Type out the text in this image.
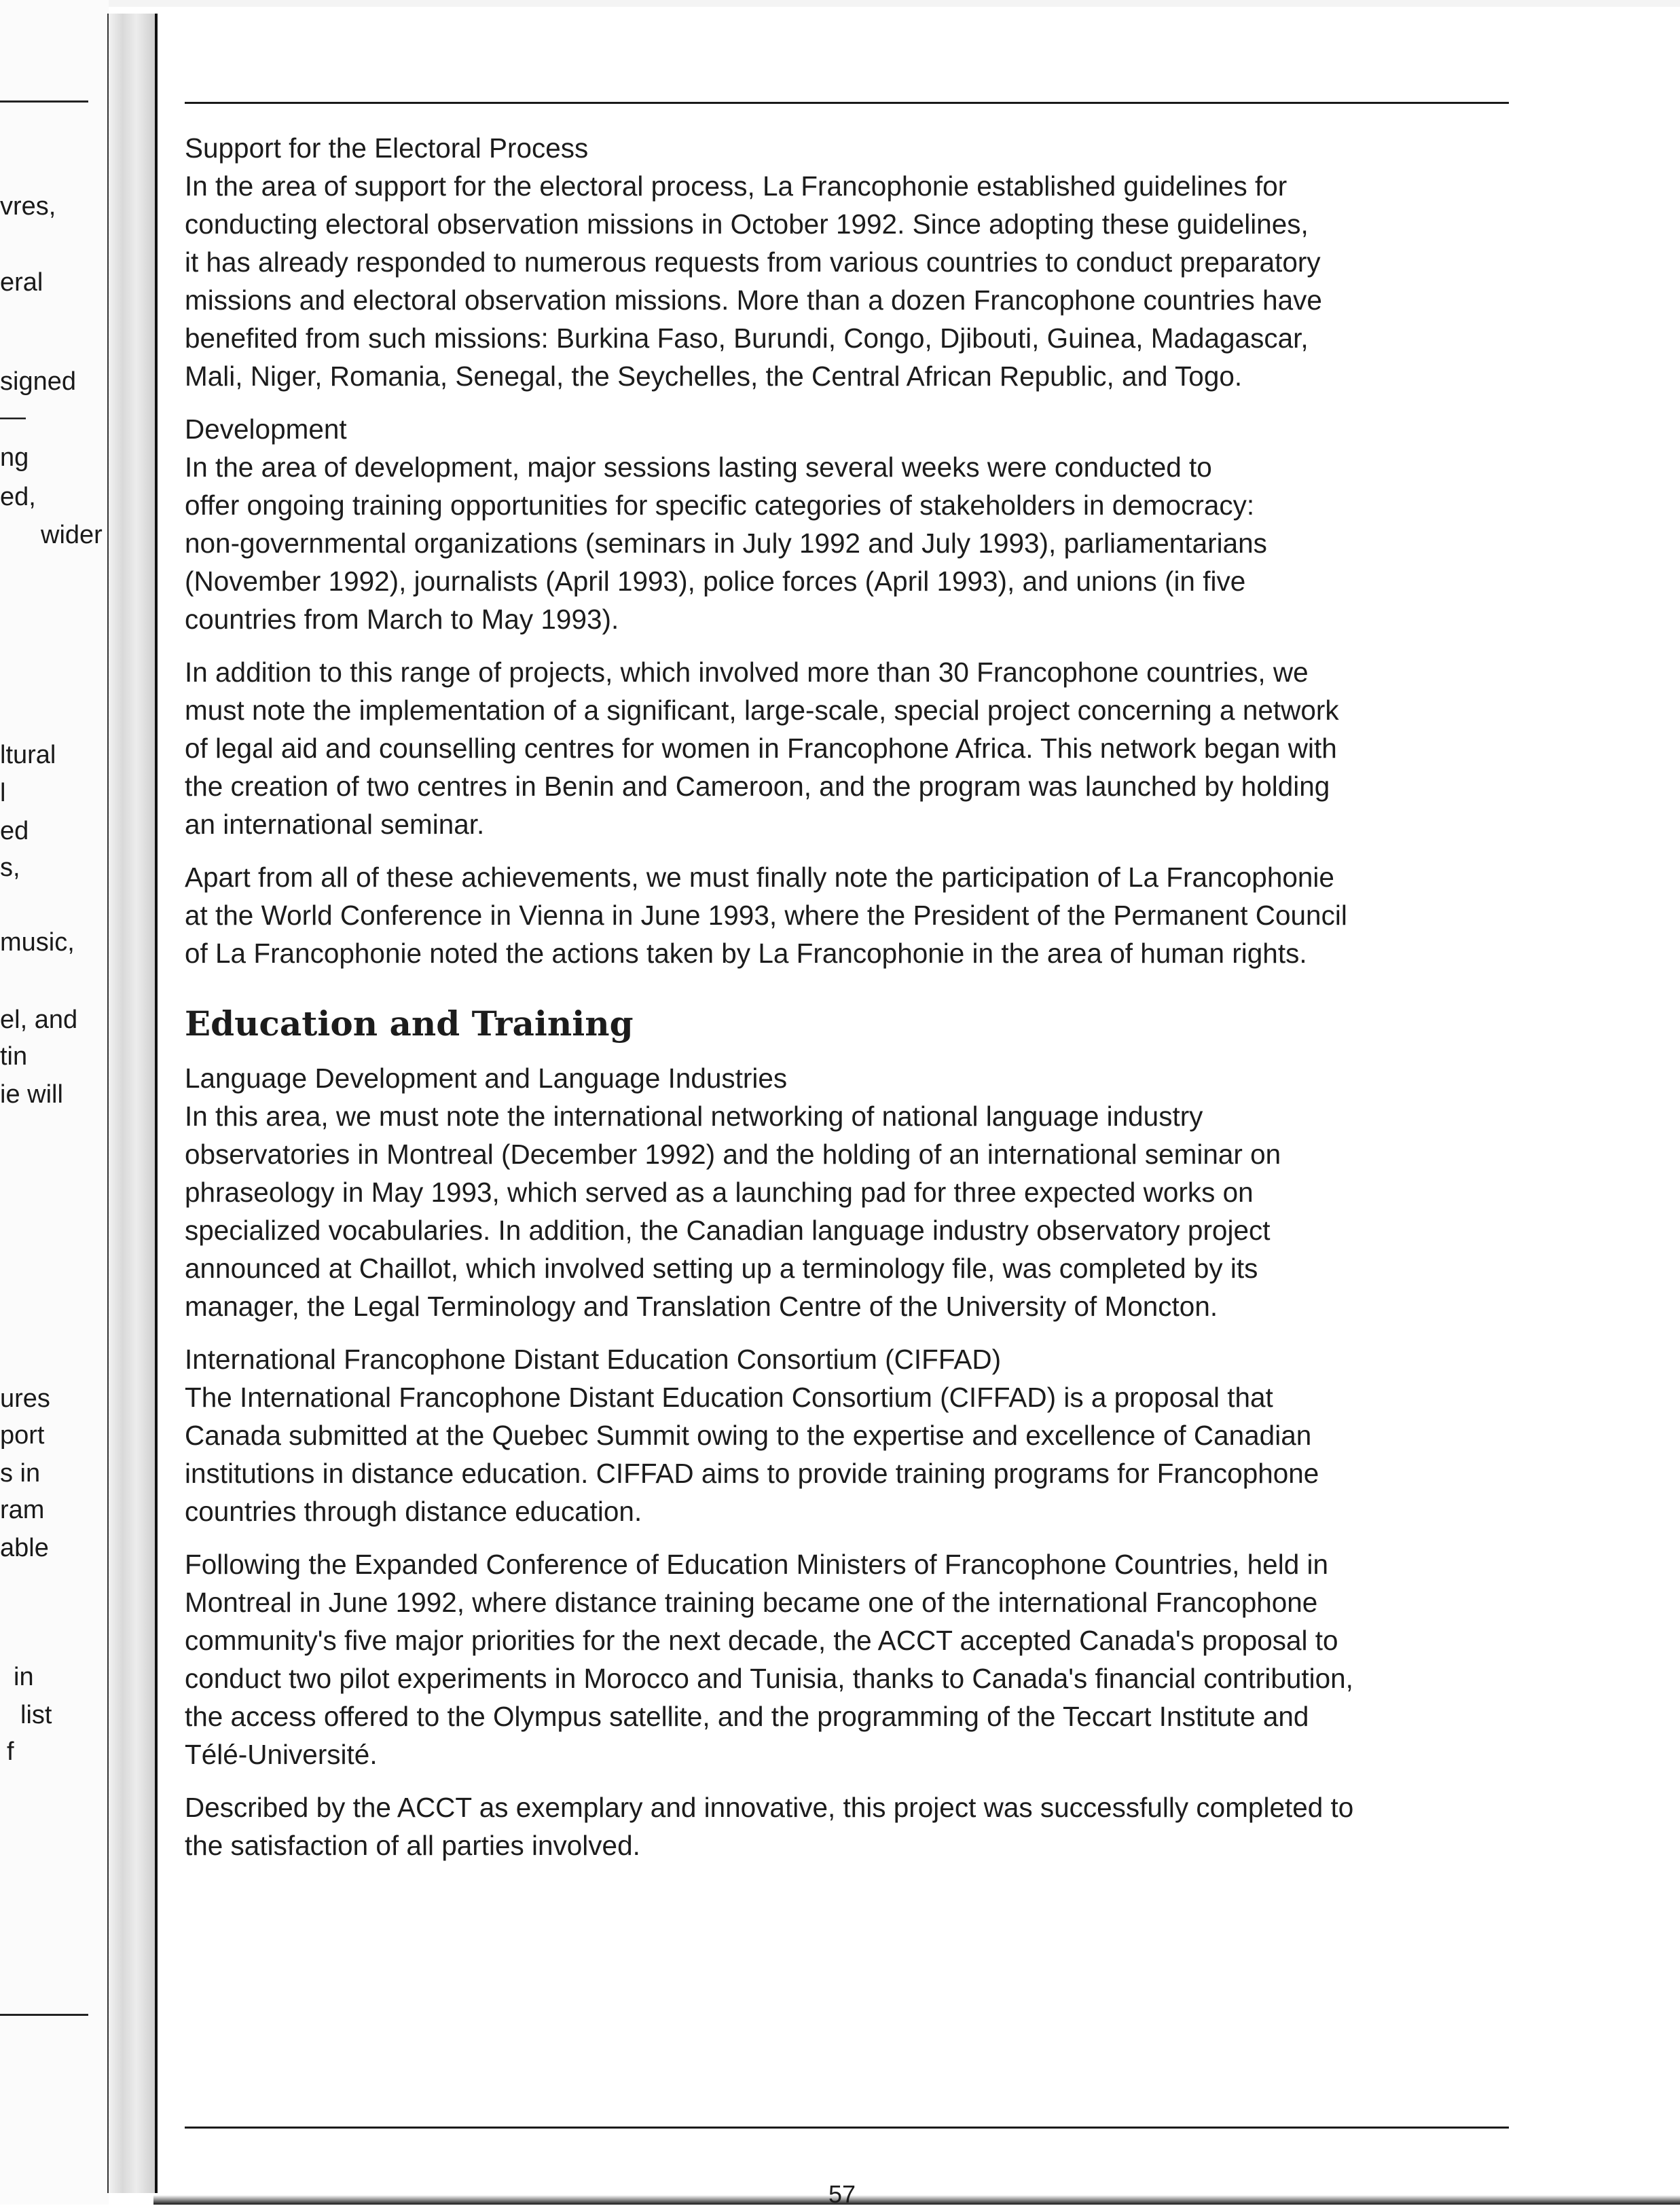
vres,
eral
signed
—
ng
ed,
wider
ltural
l
ed
s,
music,
el, and
tin
ie will
ures
port
s in
ram
able
in
list
f

Support for the Electoral Process

In the area of support for the electoral process, La Francophonie established guidelines for
conducting electoral observation missions in October 1992. Since adopting these guidelines,
it has already responded to numerous requests from various countries to conduct preparatory
missions and electoral observation missions. More than a dozen Francophone countries have
benefited from such missions: Burkina Faso, Burundi, Congo, Djibouti, Guinea, Madagascar,
Mali, Niger, Romania, Senegal, the Seychelles, the Central African Republic, and Togo.

Development

In the area of development, major sessions lasting several weeks were conducted to
offer ongoing training opportunities for specific categories of stakeholders in democracy:
non-governmental organizations (seminars in July 1992 and July 1993), parliamentarians
(November 1992), journalists (April 1993), police forces (April 1993), and unions (in five
countries from March to May 1993).

In addition to this range of projects, which involved more than 30 Francophone countries, we
must note the implementation of a significant, large-scale, special project concerning a network
of legal aid and counselling centres for women in Francophone Africa. This network began with
the creation of two centres in Benin and Cameroon, and the program was launched by holding
an international seminar.

Apart from all of these achievements, we must finally note the participation of La Francophonie
at the World Conference in Vienna in June 1993, where the President of the Permanent Council
of La Francophonie noted the actions taken by La Francophonie in the area of human rights.

Education and Training

Language Development and Language Industries

In this area, we must note the international networking of national language industry
observatories in Montreal (December 1992) and the holding of an international seminar on
phraseology in May 1993, which served as a launching pad for three expected works on
specialized vocabularies. In addition, the Canadian language industry observatory project
announced at Chaillot, which involved setting up a terminology file, was completed by its
manager, the Legal Terminology and Translation Centre of the University of Moncton.

International Francophone Distant Education Consortium (CIFFAD)

The International Francophone Distant Education Consortium (CIFFAD) is a proposal that
Canada submitted at the Quebec Summit owing to the expertise and excellence of Canadian
institutions in distance education. CIFFAD aims to provide training programs for Francophone
countries through distance education.

Following the Expanded Conference of Education Ministers of Francophone Countries, held in
Montreal in June 1992, where distance training became one of the international Francophone
community's five major priorities for the next decade, the ACCT accepted Canada's proposal to
conduct two pilot experiments in Morocco and Tunisia, thanks to Canada's financial contribution,
the access offered to the Olympus satellite, and the programming of the Teccart Institute and
Télé-Université.

Described by the ACCT as exemplary and innovative, this project was successfully completed to
the satisfaction of all parties involved.

57
